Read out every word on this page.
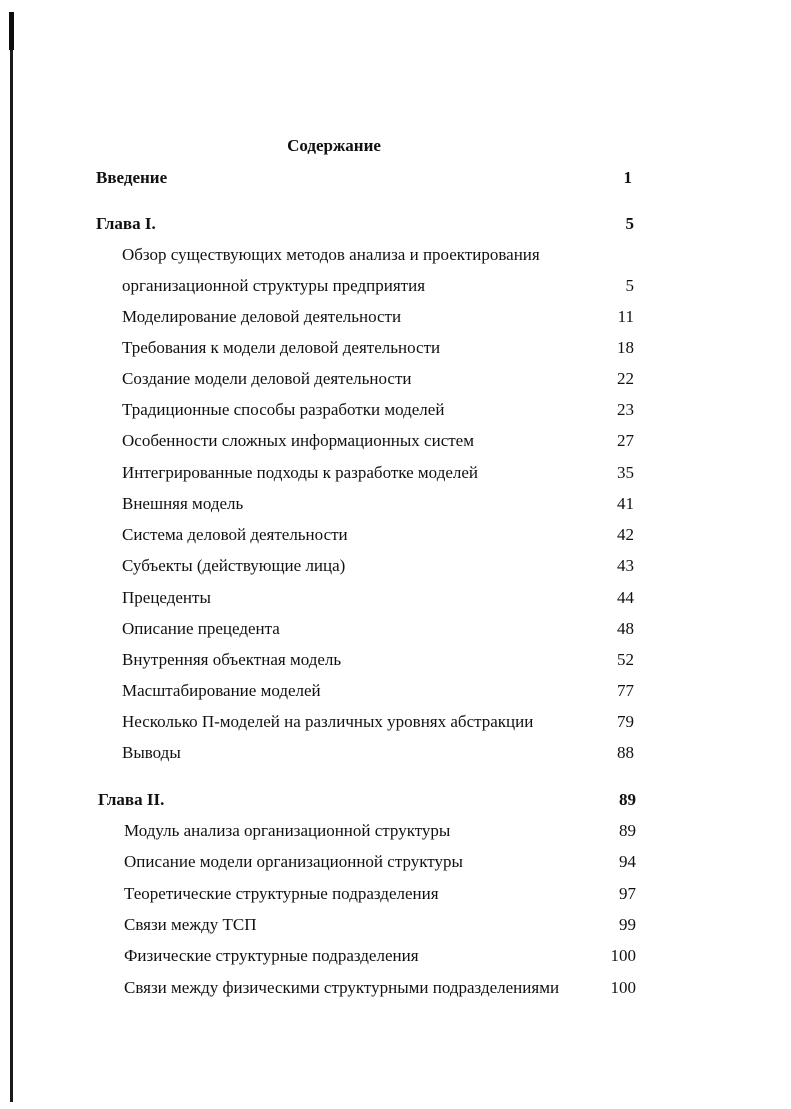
Содержание
Введение	1
Глава I.	5
Обзор существующих методов анализа и проектирования
организационной структуры предприятия	5
Моделирование деловой деятельности	11
Требования к модели деловой деятельности	18
Создание модели деловой деятельности	22
Традиционные способы разработки моделей	23
Особенности сложных информационных систем	27
Интегрированные подходы к разработке моделей	35
Внешняя модель	41
Система деловой деятельности	42
Субъекты (действующие лица)	43
Прецеденты	44
Описание прецедента	48
Внутренняя объектная модель	52
Масштабирование моделей	77
Несколько П-моделей на различных уровнях абстракции	79
Выводы	88
Глава II.	89
Модуль анализа организационной структуры	89
Описание модели организационной структуры	94
Теоретические структурные подразделения	97
Связи между ТСП	99
Физические структурные подразделения	100
Связи между физическими структурными подразделениями	100
